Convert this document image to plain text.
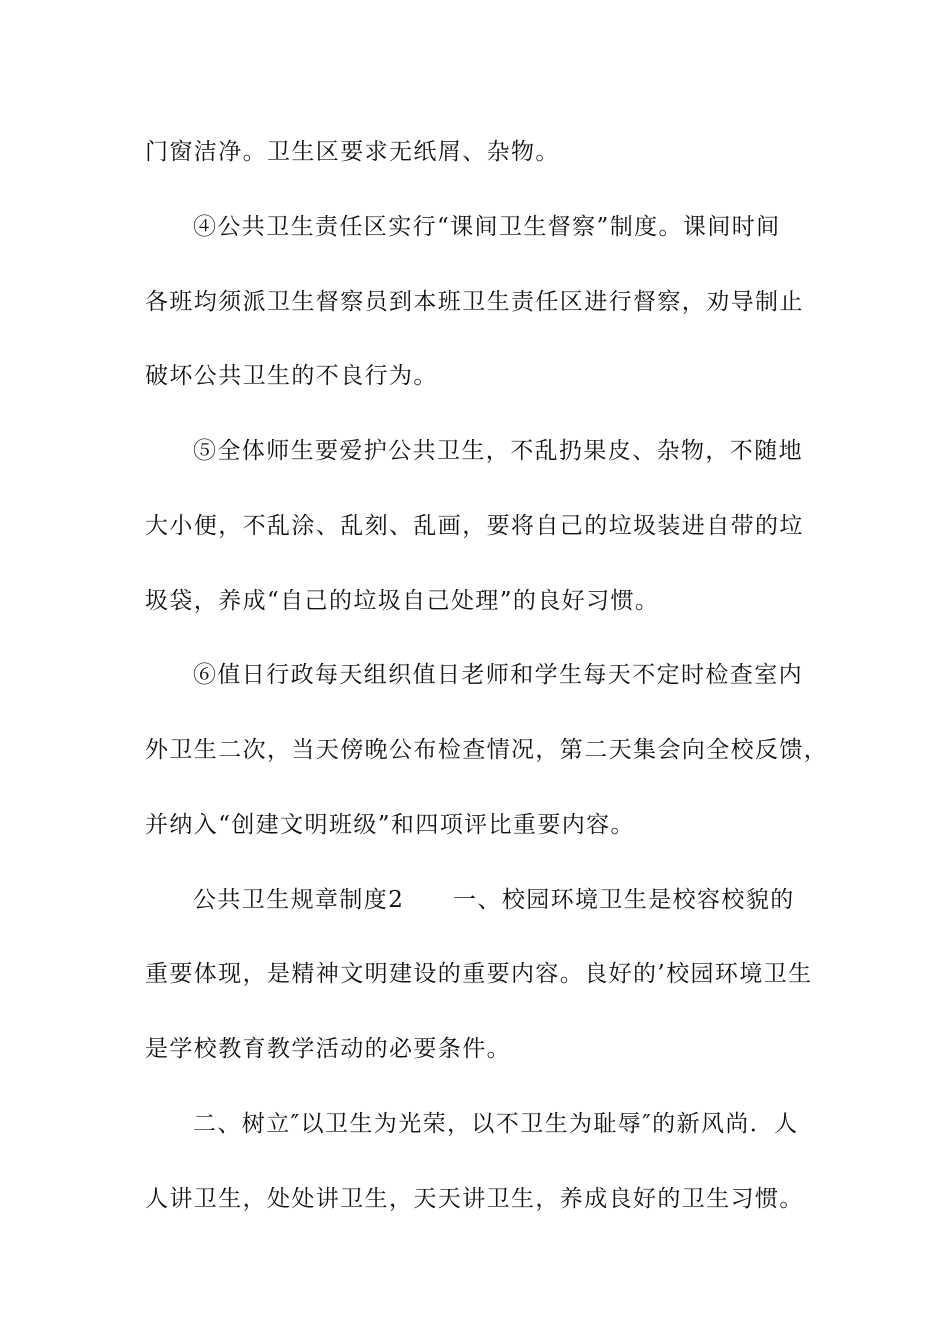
门窗洁净。卫生区要求无纸屑、杂物。

④公共卫生责任区实行“课间卫生督察”制度。课间时间

各班均须派卫生督察员到本班卫生责任区进行督察，劝导制止

破坏公共卫生的不良行为。

⑤全体师生要爱护公共卫生，不乱扔果皮、杂物，不随地

大小便，不乱涂、乱刻、乱画，要将自己的垃圾装进自带的垃

圾袋，养成“自己的垃圾自己处理”的良好习惯。

⑥值日行政每天组织值日老师和学生每天不定时检查室内

外卫生二次，当天傍晚公布检查情况，第二天集会向全校反馈，

并纳入“创建文明班级”和四项评比重要内容。

公共卫生规章制度2　　一、校园环境卫生是校容校貌的

重要体现，是精神文明建设的重要内容。良好的’校园环境卫生

是学校教育教学活动的必要条件。

二、树立″以卫生为光荣，以不卫生为耻辱″的新风尚．人

人讲卫生，处处讲卫生，天天讲卫生，养成良好的卫生习惯。
